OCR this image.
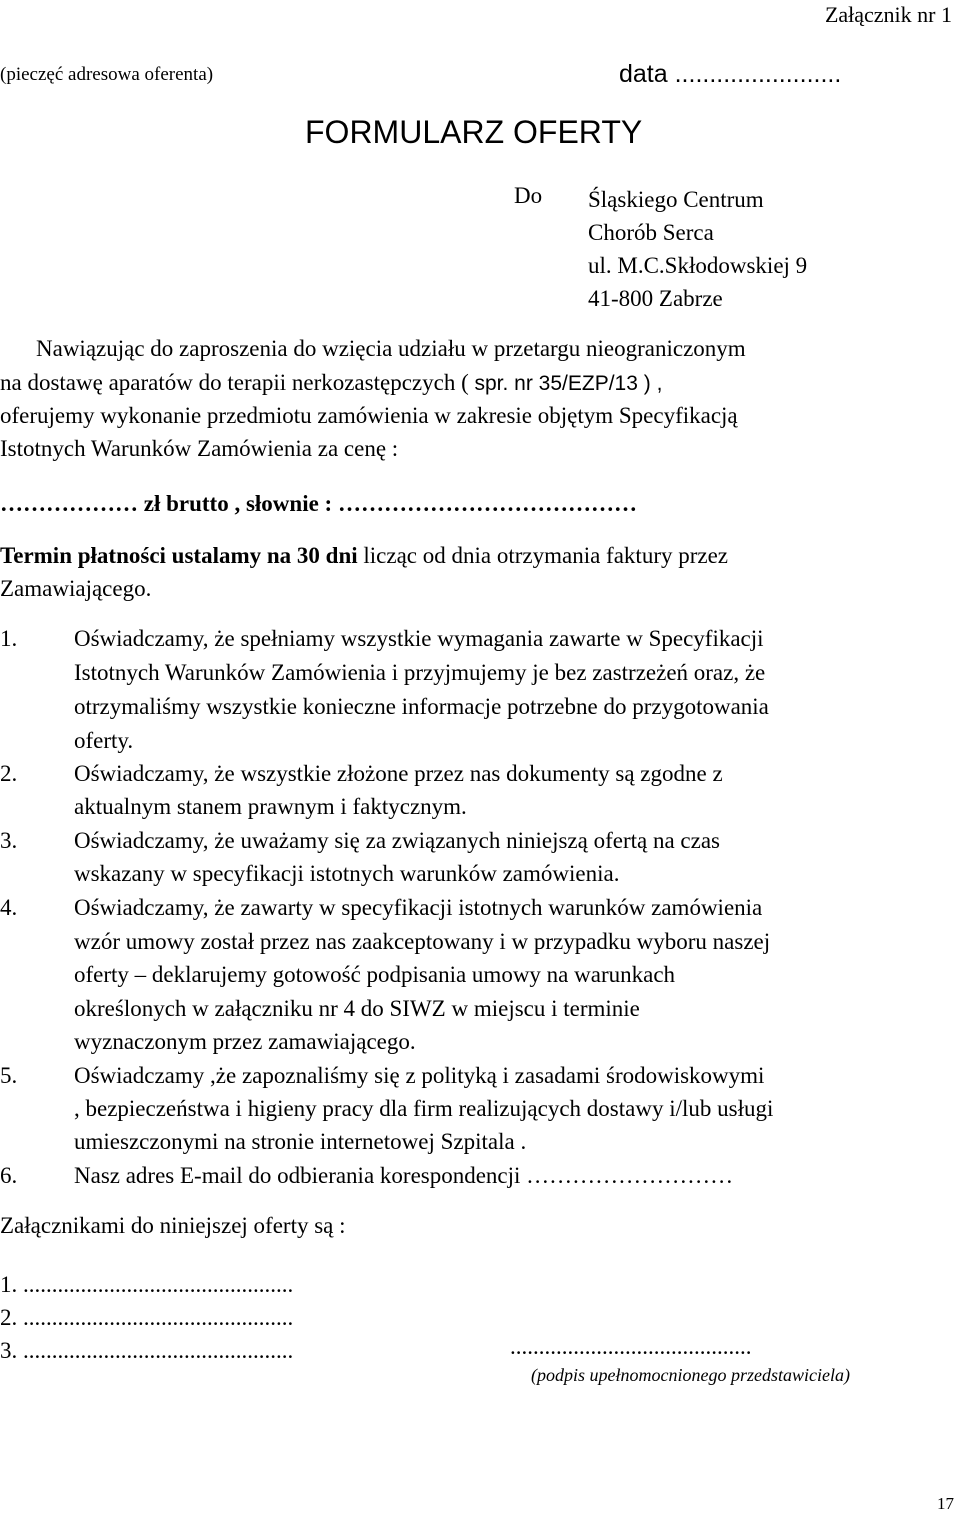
Załącznik nr 1
(pieczęć adresowa oferenta)	data ........................
FORMULARZ OFERTY
Do Śląskiego Centrum
Chorób Serca
ul. M.C.Skłodowskiej 9
41-800 Zabrze
Nawiązując do zaproszenia do wzięcia udziału w przetargu nieograniczonym
na dostawę aparatów do terapii nerkozastępczych ( spr. nr 35/EZP/13 ) ,
oferujemy wykonanie przedmiotu zamówienia w zakresie objętym Specyfikacją
Istotnych Warunków Zamówienia za cenę :
……………… zł brutto , słownie : …………………………………
Termin płatności ustalamy na 30 dni licząc od dnia otrzymania faktury przez
Zamawiającego.
1. Oświadczamy, że spełniamy wszystkie wymagania zawarte w Specyfikacji
Istotnych Warunków Zamówienia i przyjmujemy je bez zastrzeżeń oraz, że
otrzymaliśmy wszystkie konieczne informacje potrzebne do przygotowania
oferty.
2. Oświadczamy, że wszystkie złożone przez nas dokumenty są zgodne z
aktualnym stanem prawnym i faktycznym.
3. Oświadczamy, że uważamy się za związanych niniejszą ofertą na czas
wskazany w specyfikacji istotnych warunków zamówienia.
4. Oświadczamy, że zawarty w specyfikacji istotnych warunków zamówienia
wzór umowy został przez nas zaakceptowany i w przypadku wyboru naszej
oferty – deklarujemy gotowość podpisania umowy na warunkach
określonych w załączniku nr 4 do SIWZ w miejscu i terminie
wyznaczonym przez zamawiającego.
5. Oświadczamy ,że zapoznaliśmy się z polityką i zasadami środowiskowymi
, bezpieczeństwa i higieny pracy dla firm realizujących dostawy i/lub usługi
umieszczonymi na stronie internetowej Szpitala .
6. Nasz adres E-mail do odbierania korespondencji ………………………
Załącznikami do niniejszej oferty są :
1. ...............................................
2. ...............................................
3. ...............................................	..........................................
(podpis upełnomocnionego przedstawiciela)
17
